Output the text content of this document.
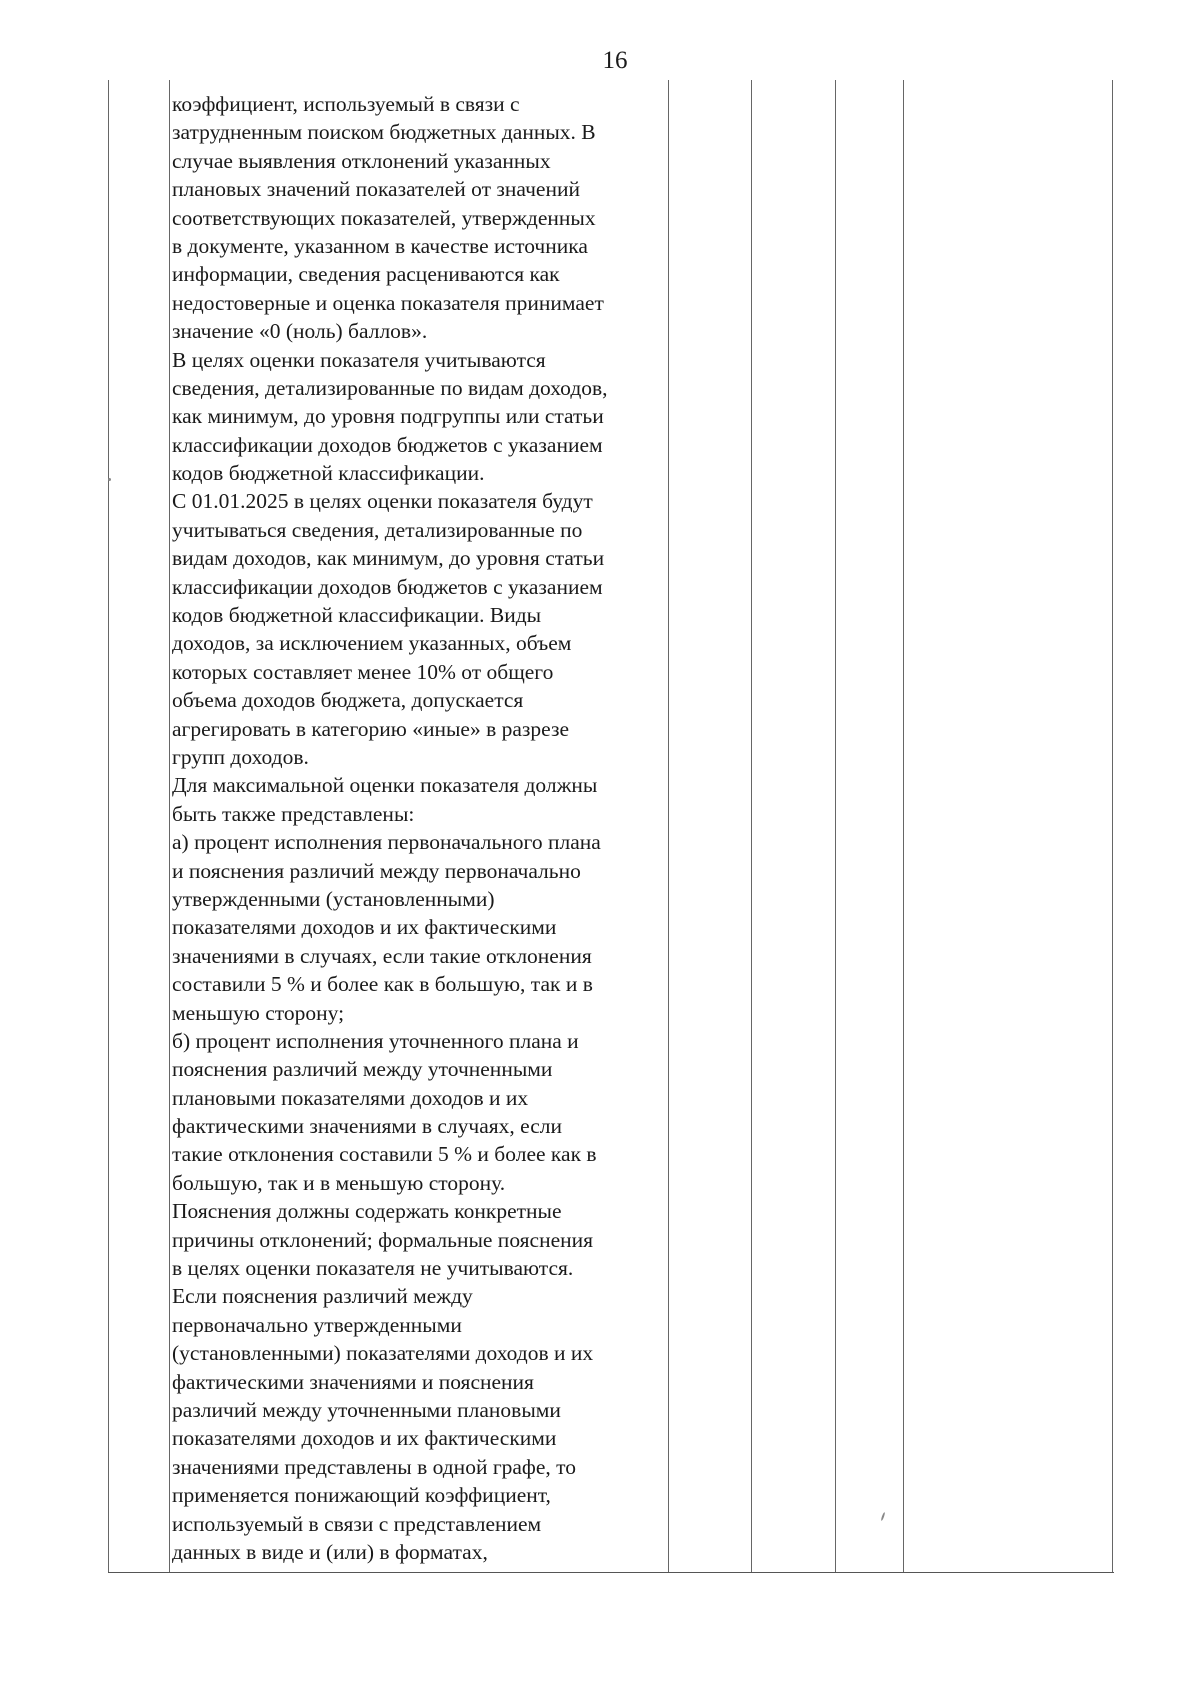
16
коэффициент, используемый в связи с
затрудненным поиском бюджетных данных. В
случае выявления отклонений указанных
плановых значений показателей от значений
соответствующих показателей, утвержденных
в документе, указанном в качестве источника
информации, сведения расцениваются как
недостоверные и оценка показателя принимает
значение «0 (ноль) баллов».
В целях оценки показателя учитываются
сведения, детализированные по видам доходов,
как минимум, до уровня подгруппы или статьи
классификации доходов бюджетов с указанием
кодов бюджетной классификации.
С 01.01.2025 в целях оценки показателя будут
учитываться сведения, детализированные по
видам доходов, как минимум, до уровня статьи
классификации доходов бюджетов с указанием
кодов бюджетной классификации. Виды
доходов, за исключением указанных, объем
которых составляет менее 10% от общего
объема доходов бюджета, допускается
агрегировать в категорию «иные» в разрезе
групп доходов.
Для максимальной оценки показателя должны
быть также представлены:
а) процент исполнения первоначального плана
и пояснения различий между первоначально
утвержденными (установленными)
показателями доходов и их фактическими
значениями в случаях, если такие отклонения
составили 5 % и более как в большую, так и в
меньшую сторону;
б) процент исполнения уточненного плана и
пояснения различий между уточненными
плановыми показателями доходов и их
фактическими значениями в случаях, если
такие отклонения составили 5 % и более как в
большую, так и в меньшую сторону.
Пояснения должны содержать конкретные
причины отклонений; формальные пояснения
в целях оценки показателя не учитываются.
Если пояснения различий между
первоначально утвержденными
(установленными) показателями доходов и их
фактическими значениями и пояснения
различий между уточненными плановыми
показателями доходов и их фактическими
значениями представлены в одной графе, то
применяется понижающий коэффициент,
используемый в связи с представлением
данных в виде и (или) в форматах,
